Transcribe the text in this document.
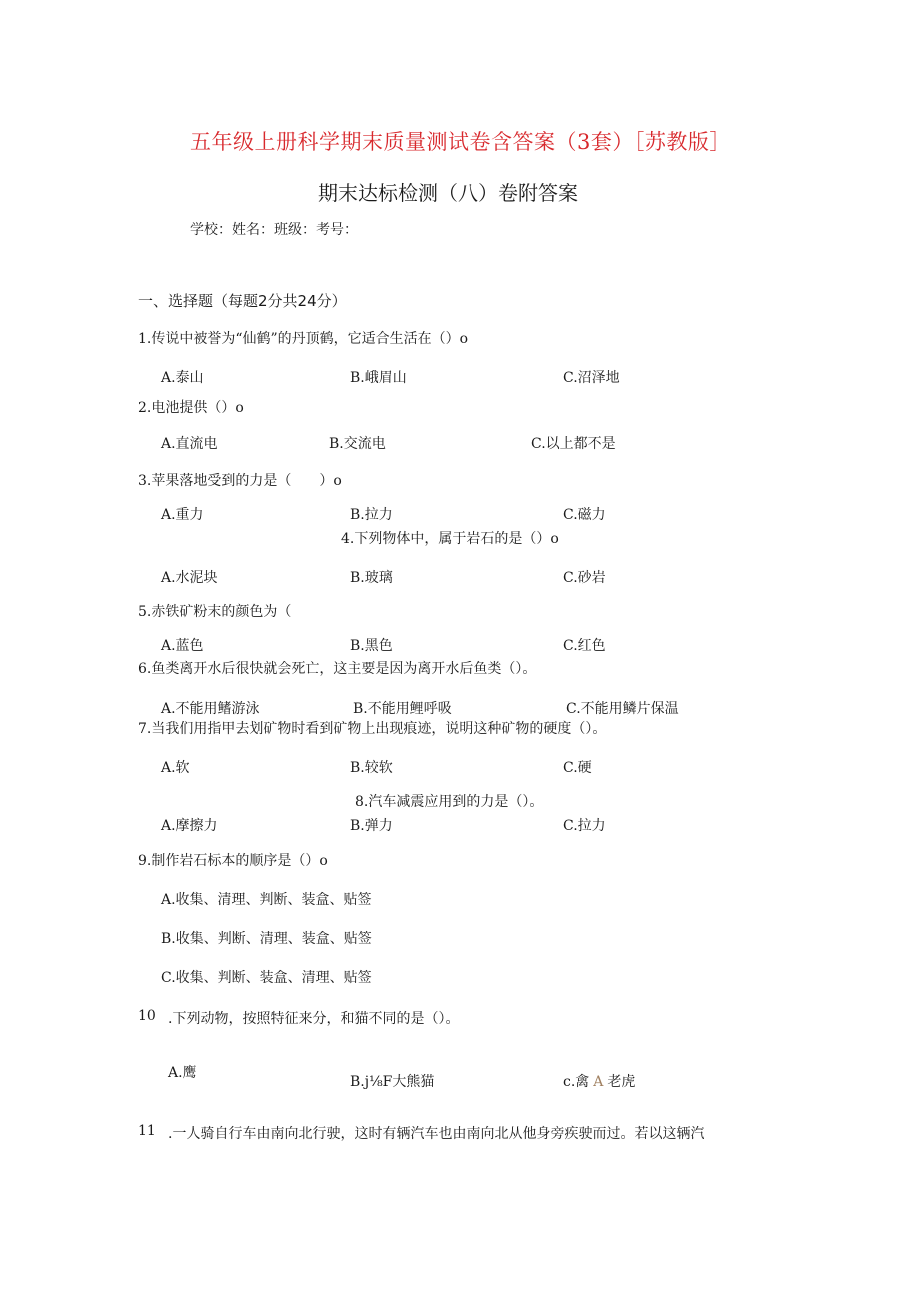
五年级上册科学期末质量测试卷含答案（3套）［苏教版］
期末达标检测（八）卷附答案
学校：姓名：班级：考号：
一、选择题（每题2分共24分）
1.传说中被誉为“仙鹤”的丹顶鹤，它适合生活在（）o
A.泰山	B.峨眉山	C.沼泽地
2.电池提供（）o
A.直流电	B.交流电	C.以上都不是
3.苹果落地受到的力是（　　）o
A.重力	B.拉力	C.磁力
4.下列物体中，属于岩石的是（）o
A.水泥块	B.玻璃	C.砂岩
5.赤铁矿粉末的颜色为（
A.蓝色	B.黑色	C.红色
6.鱼类离开水后很快就会死亡，这主要是因为离开水后鱼类（）。
A.不能用鳍游泳	B.不能用鲤呼吸	C.不能用鳞片保温
7.当我们用指甲去划矿物时看到矿物上出现痕迹，说明这种矿物的硬度（）。
A.软	B.较软	C.硬
8.汽车减震应用到的力是（）。
A.摩擦力	B.弹力	C.拉力
9.制作岩石标本的顺序是（）o
A.收集、清理、判断、装盒、贴签
B.收集、判断、清理、装盒、贴签
C.收集、判断、装盒、清理、贴签
10 .下列动物，按照特征来分，和猫不同的是（）。
A.鹰
B.j⅛F大熊猫	c.禽 A 老虎
11 .一人骑自行车由南向北行驶，这时有辆汽车也由南向北从他身旁疾驶而过。若以这辆汽
